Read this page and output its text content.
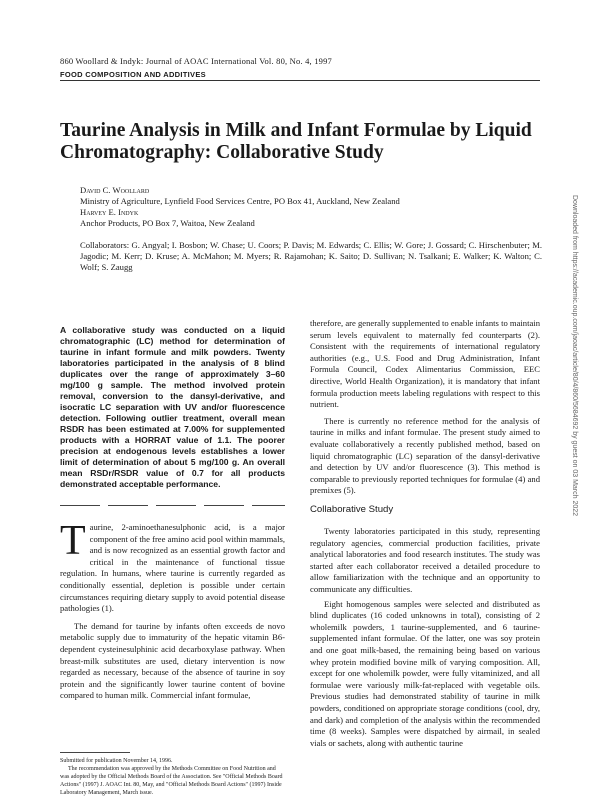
860 Woollard & Indyk: Journal of AOAC International Vol. 80, No. 4, 1997
FOOD COMPOSITION AND ADDITIVES
Taurine Analysis in Milk and Infant Formulae by Liquid Chromatography: Collaborative Study
David C. Woollard
Ministry of Agriculture, Lynfield Food Services Centre, PO Box 41, Auckland, New Zealand
Harvey E. Indyk
Anchor Products, PO Box 7, Waitoa, New Zealand
Collaborators: G. Angyal; I. Bosbon; W. Chase; U. Coors; P. Davis; M. Edwards; C. Ellis; W. Gore; J. Gossard; C. Hirschenbuter; M. Jagodic; M. Kerr; D. Kruse; A. McMahon; M. Myers; R. Rajamohan; K. Saito; D. Sullivan; N. Tsalkani; E. Walker; K. Walton; C. Wolf; S. Zaugg
A collaborative study was conducted on a liquid chromatographic (LC) method for determination of taurine in infant formule and milk powders. Twenty laboratories participated in the analysis of 8 blind duplicates over the range of approximately 3–60 mg/100 g sample. The method involved protein removal, conversion to the dansyl-derivative, and isocratic LC separation with UV and/or fluorescence detection. Following outlier treatment, overall mean RSDR has been estimated at 7.00% for supplemented products with a HORRAT value of 1.1. The poorer precision at endogenous levels establishes a lower limit of determination of about 5 mg/100 g. An overall mean RSDr/RSDR value of 0.7 for all products demonstrated acceptable performance.
T aurine, 2-aminoethanesulphonic acid, is a major component of the free amino acid pool within mammals, and is now recognized as an essential growth factor and critical in the maintenance of functional tissue regulation. In humans, where taurine is currently regarded as conditionally essential, depletion is possible under certain circumstances requiring dietary supply to avoid potential disease pathologies (1).

The demand for taurine by infants often exceeds de novo metabolic supply due to immaturity of the hepatic vitamin B6-dependent cysteinesulphinic acid decarboxylase pathway. When breast-milk substitutes are used, dietary intervention is now regarded as necessary, because of the absence of taurine in soy protein and the significantly lower taurine content of bovine compared to human milk. Commercial infant formulae,

therefore, are generally supplemented to enable infants to maintain serum levels equivalent to maternally fed counterparts (2). Consistent with the requirements of international regulatory authorities (e.g., U.S. Food and Drug Administration, Infant Formula Council, Codex Alimentarius Commission, EEC directive, World Health Organization), it is mandatory that infant formula production meets labeling regulations with respect to this nutrient.

There is currently no reference method for the analysis of taurine in milks and infant formulae. The present study aimed to evaluate collaboratively a recently published method, based on liquid chromatographic (LC) separation of the dansyl-derivative and detection by UV and/or fluorescence (3). This method is comparable to previously reported techniques for formulae (4) and premixes (5).

Collaborative Study

Twenty laboratories participated in this study, representing regulatory agencies, commercial production facilities, private analytical laboratories and food research institutes. The study was started after each collaborator received a detailed procedure to allow familiarization with the technique and an opportunity to communicate any difficulties.

Eight homogenous samples were selected and distributed as blind duplicates (16 coded unknowns in total), consisting of 2 wholemilk powders, 1 taurine-supplemented, and 6 taurine-supplemented infant formulae. Of the latter, one was soy protein and one goat milk-based, the remaining being based on various whey protein modified bovine milk of varying composition. All, except for one wholemilk powder, were fully vitaminized, and all formulae were variously milk-fat-replaced with vegetable oils. Previous studies had demonstrated stability of taurine in milk powders, conditioned on appropriate storage conditions (cool, dry, and dark) and completion of the analysis within the recommended time (8 weeks). Samples were dispatched by airmail, in sealed vials or sachets, along with authentic taurine

Submitted for publication November 14, 1996.
The recommendation was approved by the Methods Committee on Food Nutrition and was adopted by the Official Methods Board of the Association. See "Official Methods Board Actions" (1997) J. AOAC Int. 80, May, and "Official Methods Board Actions" (1997) Inside Laboratory Management, March issue.
Downloaded from https://academic.oup.com/jaoac/article/80/4/860/5684692 by guest on 03 March 2022
